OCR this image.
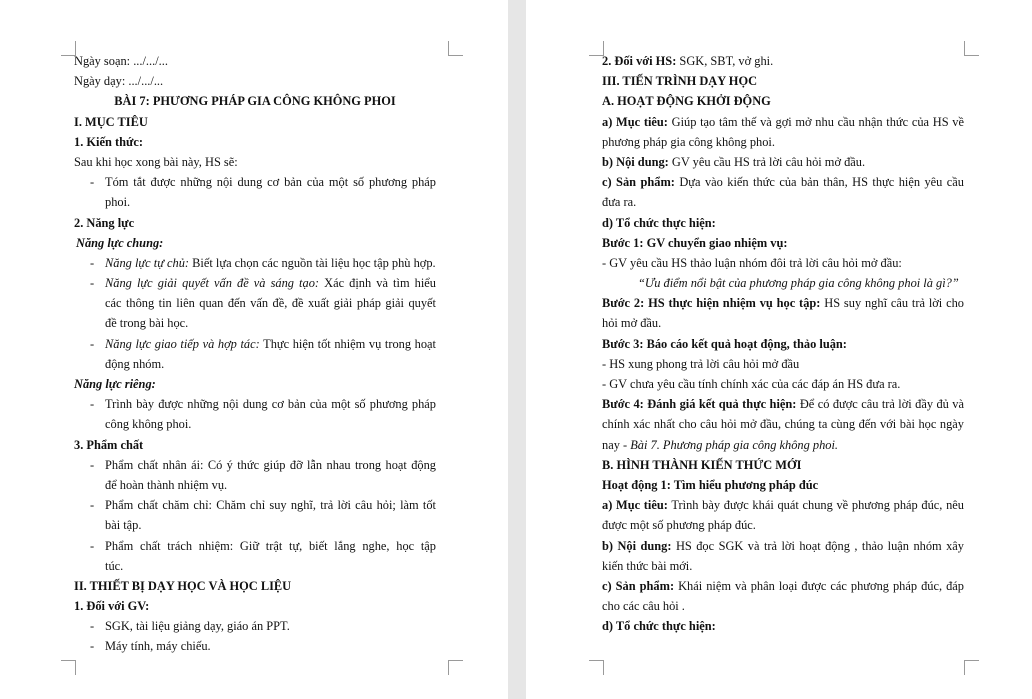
Ngày soạn: .../.../...
Ngày dạy: .../.../...
BÀI 7: PHƯƠNG PHÁP GIA CÔNG KHÔNG PHOI
I. MỤC TIÊU
1. Kiến thức:
Sau khi học xong bài này, HS sẽ:
- Tóm tắt được những nội dung cơ bản của một số phương pháp
phoi.
2. Năng lực
Năng lực chung:
- Năng lực tự chủ: Biết lựa chọn các nguồn tài liệu học tập phù hợp.
- Năng lực giải quyết vấn đề và sáng tạo: Xác định và tìm hiểu
các thông tin liên quan đến vấn đề, đề xuất giải pháp giải quyết
đề trong bài học.
- Năng lực giao tiếp và hợp tác: Thực hiện tốt nhiệm vụ trong hoạt
động nhóm.
Năng lực riêng:
- Trình bày được những nội dung cơ bản của một số phương pháp
công không phoi.
3. Phẩm chất
- Phẩm chất nhân ái: Có ý thức giúp đỡ lẫn nhau trong hoạt động
để hoàn thành nhiệm vụ.
- Phẩm chất chăm chỉ: Chăm chỉ suy nghĩ, trả lời câu hỏi; làm tốt
bài tập.
- Phẩm chất trách nhiệm: Giữ trật tự, biết lắng nghe, học tập
túc.
II. THIẾT BỊ DẠY HỌC VÀ HỌC LIỆU
1. Đối với GV:
- SGK, tài liệu giảng dạy, giáo án PPT.
- Máy tính, máy chiếu.
2. Đối với HS: SGK, SBT, vở ghi.
III. TIẾN TRÌNH DẠY HỌC
A. HOẠT ĐỘNG KHỞI ĐỘNG
a) Mục tiêu: Giúp tạo tâm thế và gợi mở nhu cầu nhận thức của HS về
phương pháp gia công không phoi.
b) Nội dung: GV yêu cầu HS trả lời câu hỏi mở đầu.
c) Sản phẩm: Dựa vào kiến thức của bản thân, HS thực hiện yêu cầu
đưa ra.
d) Tổ chức thực hiện:
Bước 1: GV chuyển giao nhiệm vụ:
- GV yêu cầu HS thảo luận nhóm đôi trả lời câu hỏi mở đầu:
“Ưu điểm nổi bật của phương pháp gia công không phoi là gì?”
Bước 2: HS thực hiện nhiệm vụ học tập: HS suy nghĩ câu trả lời cho
hỏi mở đầu.
Bước 3: Báo cáo kết quả hoạt động, thảo luận:
- HS xung phong trả lời câu hỏi mở đầu
- GV chưa yêu cầu tính chính xác của các đáp án HS đưa ra.
Bước 4: Đánh giá kết quả thực hiện: Để có được câu trả lời đầy đủ và
chính xác nhất cho câu hỏi mở đầu, chúng ta cùng đến với bài học ngày
nay - Bài 7. Phương pháp gia công không phoi.
B. HÌNH THÀNH KIẾN THỨC MỚI
Hoạt động 1: Tìm hiểu phương pháp đúc
a) Mục tiêu: Trình bày được khái quát chung về phương pháp đúc, nêu
được một số phương pháp đúc.
b) Nội dung: HS đọc SGK và trả lời hoạt động , thảo luận nhóm xây
kiến thức bài mới.
c) Sản phẩm: Khái niệm và phân loại được các phương pháp đúc, đáp
cho các câu hỏi .
d) Tổ chức thực hiện:
